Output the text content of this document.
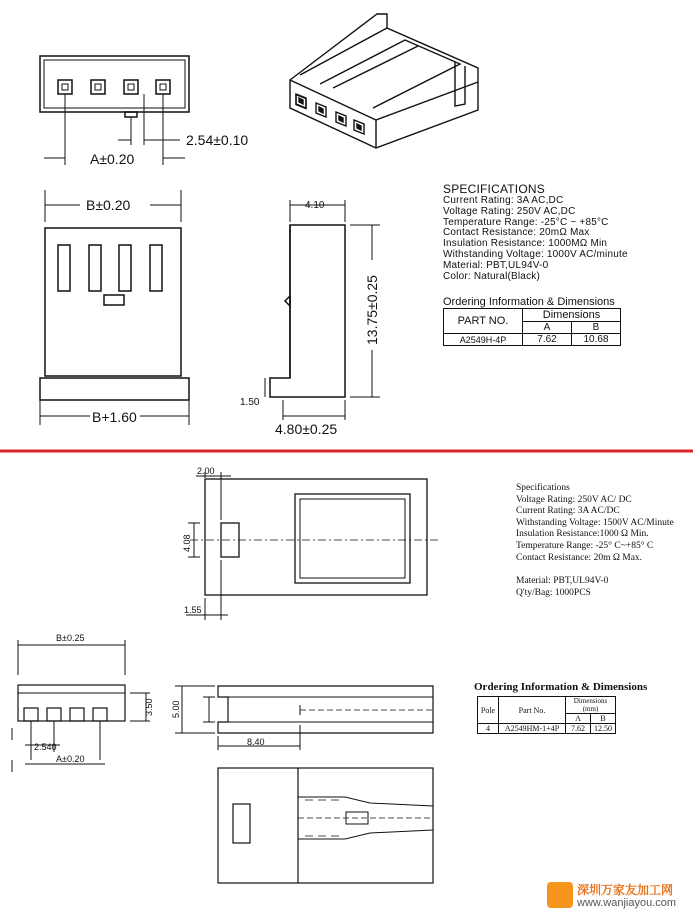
2.54±0.10
A±0.20
B±0.20
B+1.60
4.10
13.75±0.25
1.50
4.80±0.25
2.00
4.08
1.55
B±0.25
3.50 5.00
8.40
2.540
A±0.20
SPECIFICATIONS
Current Rating: 3A AC,DC
Voltage Rating: 250V AC,DC
Temperature Range: -25°C ~ +85°C
Contact Resistance: 20mΩ Max
Insulation Resistance: 1000MΩ Min
Withstanding Voltage: 1000V AC/minute
Material: PBT,UL94V-0
Color: Natural(Black)
Ordering Information & Dimensions
PART NO.	Dimensions	
	A	B
A2549H-4P	7.62	10.68
Specifications
Voltage Rating: 250V AC/ DC
Current Rating: 3A AC/DC
Withstanding Voltage: 1500V AC/Minute
Insulation Resistance:1000 Ω Min.
Temperature Range: -25° C~+85° C
Contact Resistance: 20m Ω Max.
Material: PBT,UL94V-0
Q'ty/Bag: 1000PCS
Ordering Information & Dimensions
Pole	Part No.	Dimensions (mm)	
		A	B
4	A2549HM-1+4P	7.62	12.50
深圳万家友加工网
www.wanjiayou.com
